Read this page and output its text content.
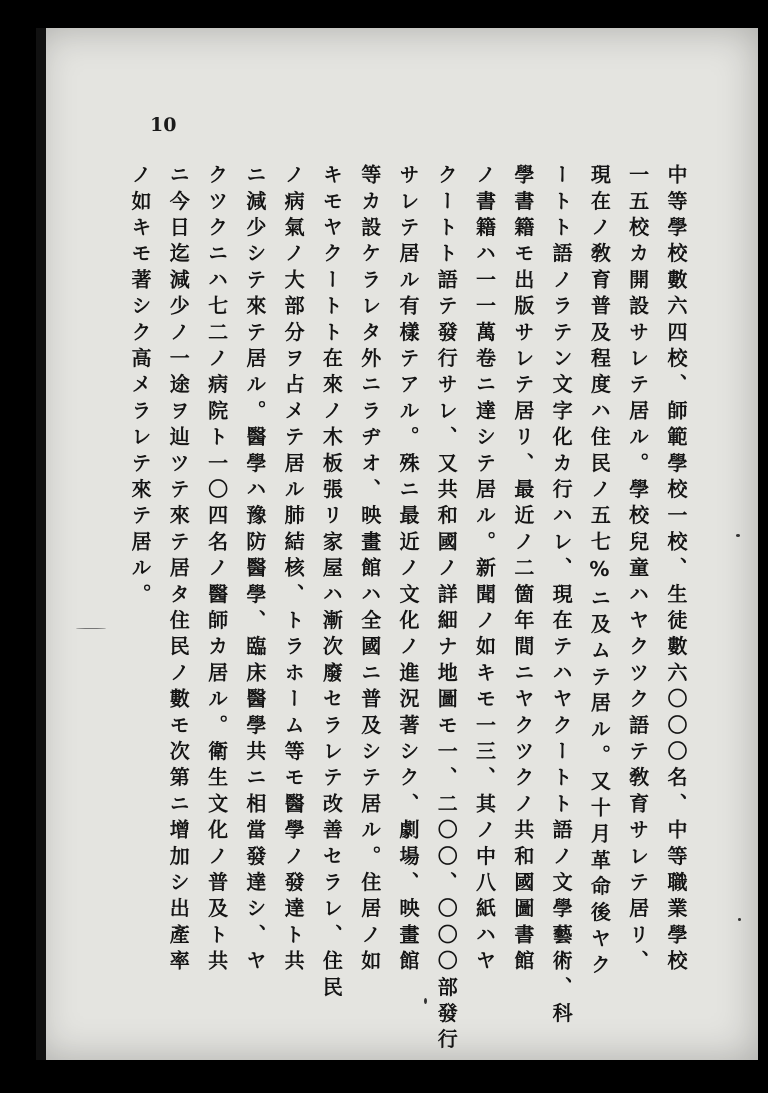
10
中等學校數六四校、師範學校一校、生徒數六〇〇〇名、中等職業學校
一五校カ開設サレテ居ル。學校兒童ハヤクツク語テ敎育サレテ居リ、
現在ノ敎育普及程度ハ住民ノ五七%ニ及ムテ居ル。又十月革命後ヤク
ートト語ノラテン文字化カ行ハレ、現在テハヤクートト語ノ文學藝術、科
學書籍モ出版サレテ居リ、最近ノ二箇年間ニヤクツクノ共和國圖書館
ノ書籍ハ一一萬卷ニ達シテ居ル。新聞ノ如キモ一三、其ノ中八紙ハヤ
クートト語テ發行サレ、又共和國ノ詳細ナ地圖モ一、二〇〇、〇〇〇部發行
サレテ居ル有樣テアル。殊ニ最近ノ文化ノ進況著シク、劇場、映畫館
等カ設ケラレタ外ニラヂオ、映畫館ハ全國ニ普及シテ居ル。住居ノ如
キモヤクートト在來ノ木板張リ家屋ハ漸次廢セラレテ改善セラレ、住民
ノ病氣ノ大部分ヲ占メテ居ル肺結核、トラホーム等モ醫學ノ發達ト共
ニ減少シテ來テ居ル。醫學ハ豫防醫學、臨床醫學共ニ相當發達シ、ヤ
クツクニハ七二ノ病院ト一〇四名ノ醫師カ居ル。衛生文化ノ普及ト共
ニ今日迄減少ノ一途ヲ辿ツテ來テ居タ住民ノ數モ次第ニ增加シ出產率
ノ如キモ著シク高メラレテ來テ居ル。
